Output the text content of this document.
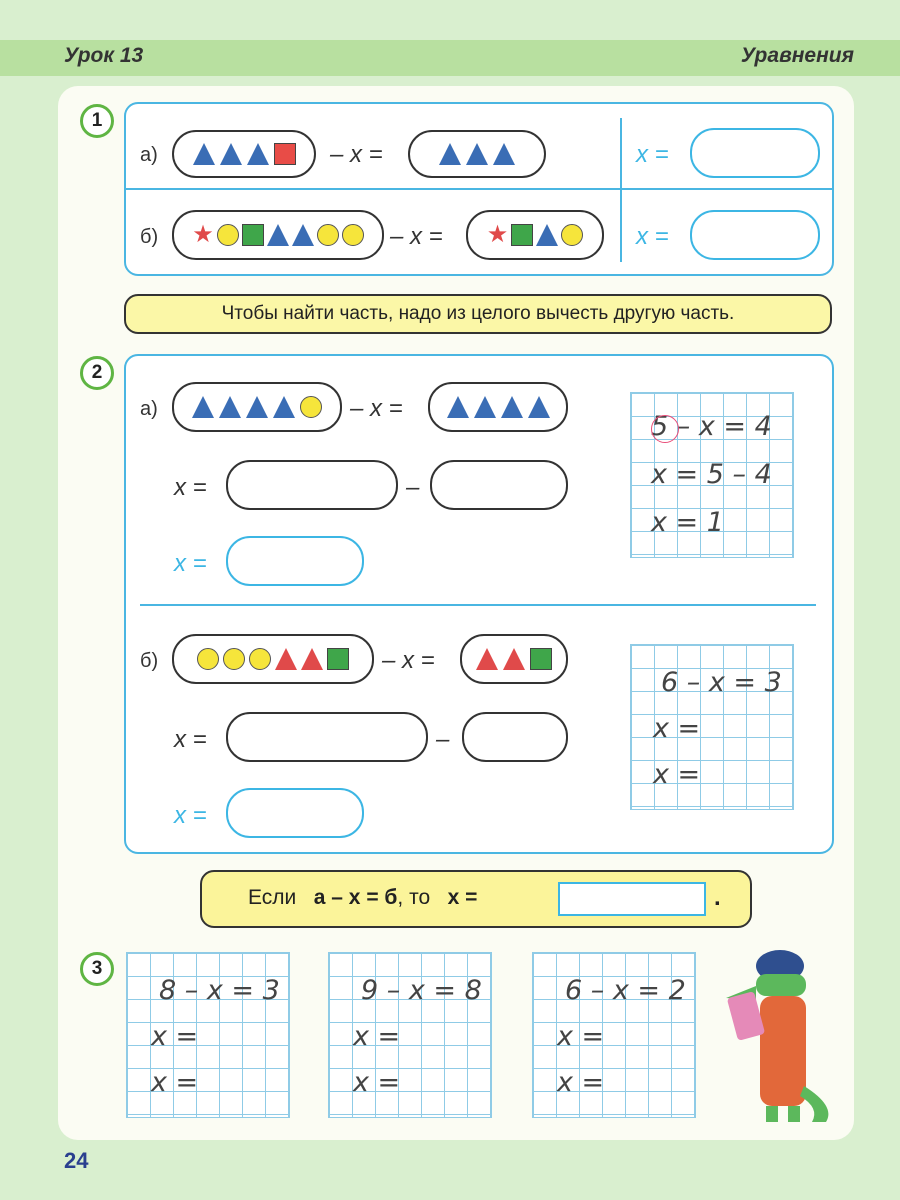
Урок 13	Уравнения
1
а)	– x =	x =
б) ★	– x = ★	x =
Чтобы найти часть, надо из целого вычесть другую часть.
2
а)	– x =
x =	–
x =
5 – x = 4
x = 5 – 4
x = 1
б)	– x =
x =	–
x =
6 – x = 3
x =
x =
Если а – х = б, то х =	.
3
8 – x = 3
x =
x =
9 – x = 8
x =
x =
6 – x = 2
x =
x =
24
